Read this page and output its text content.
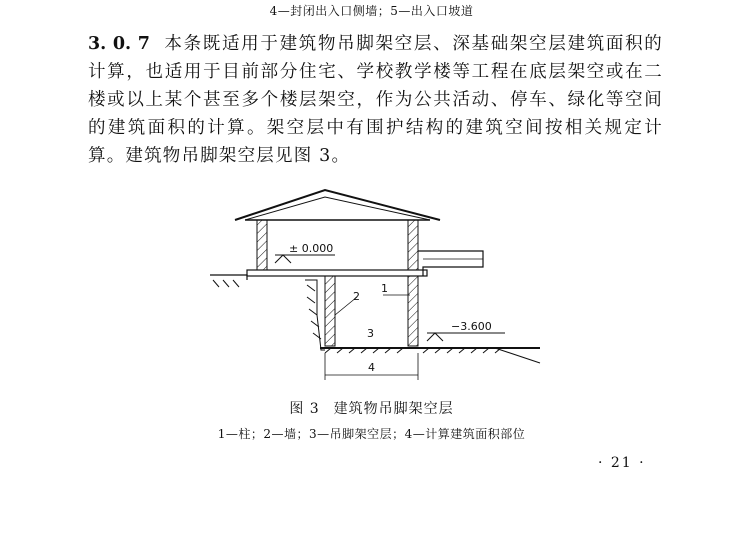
4—封闭出入口侧墙；5—出入口坡道
3. 0. 7 本条既适用于建筑物吊脚架空层、深基础架空层建筑面积的计算，也适用于目前部分住宅、学校教学楼等工程在底层架空或在二楼或以上某个甚至多个楼层架空，作为公共活动、停车、绿化等空间的建筑面积的计算。架空层中有围护结构的建筑空间按相关规定计算。建筑物吊脚架空层见图 3。
± 0.000
−3.600
1
2
3
4
图 3 建筑物吊脚架空层
1—柱；2—墙；3—吊脚架空层；4—计算建筑面积部位
· 21 ·
